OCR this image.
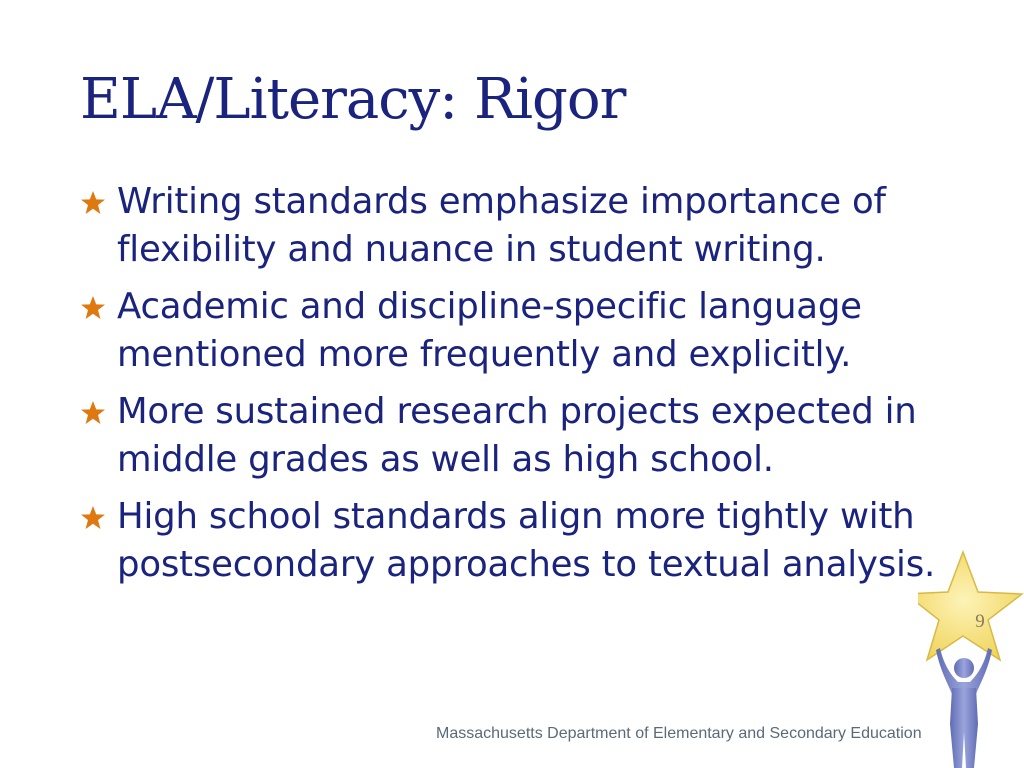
ELA/Literacy: Rigor
Writing standards emphasize importance of
flexibility and nuance in student writing.
Academic and discipline-specific language
mentioned more frequently and explicitly.
More sustained research projects expected in
middle grades as well as high school.
High school standards align more tightly with
postsecondary approaches to textual analysis.
9
Massachusetts Department of Elementary and Secondary Education
